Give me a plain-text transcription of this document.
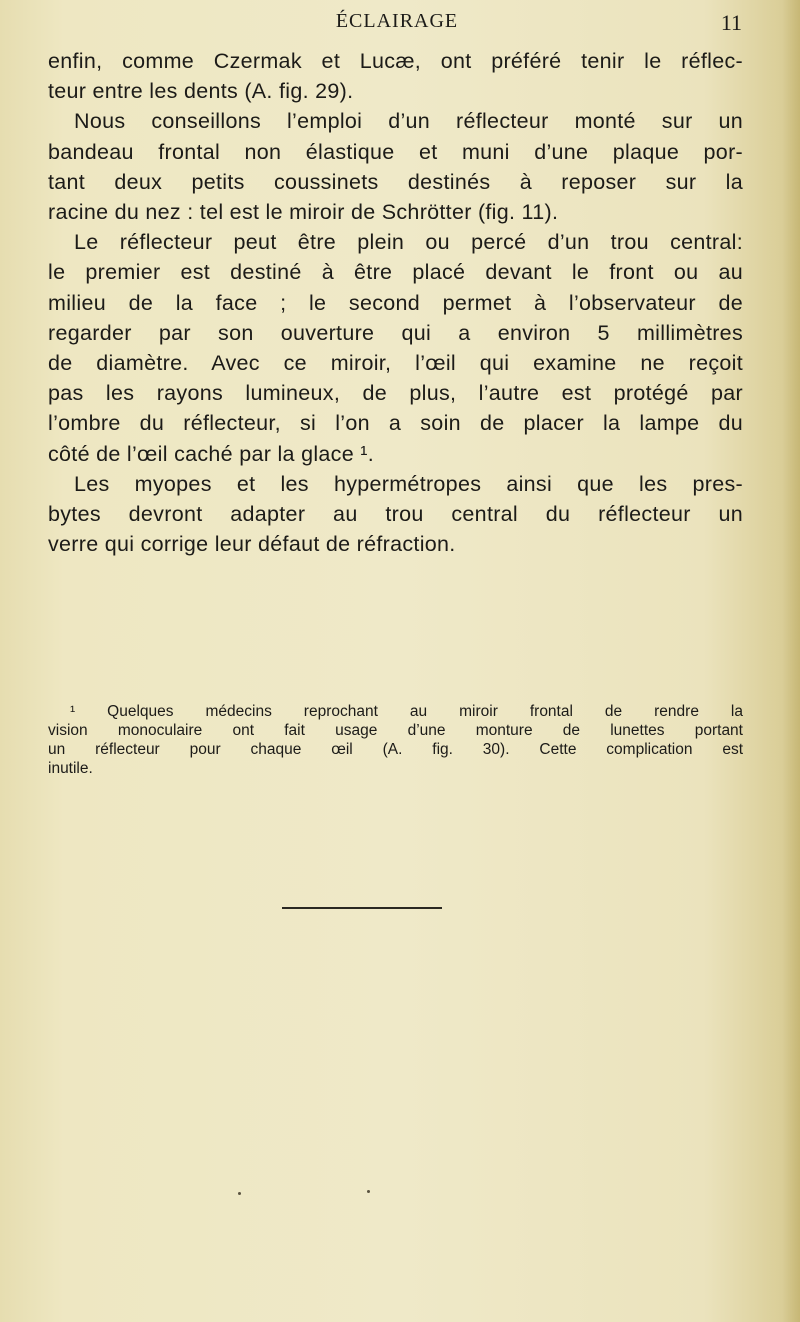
ÉCLAIRAGE	11
enfin, comme Czermak et Lucæ, ont préféré tenir le réflec-
teur entre les dents (A. fig. 29).
Nous conseillons l’emploi d’un réflecteur monté sur un
bandeau frontal non élastique et muni d’une plaque por-
tant deux petits coussinets destinés à reposer sur la
racine du nez : tel est le miroir de Schrötter (fig. 11).
Le réflecteur peut être plein ou percé d’un trou central:
le premier est destiné à être placé devant le front ou au
milieu de la face ; le second permet à l’observateur de
regarder par son ouverture qui a environ 5 millimètres
de diamètre. Avec ce miroir, l’œil qui examine ne reçoit
pas les rayons lumineux, de plus, l’autre est protégé par
l’ombre du réflecteur, si l’on a soin de placer la lampe du
côté de l’œil caché par la glace ¹.
Les myopes et les hypermétropes ainsi que les pres-
bytes devront adapter au trou central du réflecteur un
verre qui corrige leur défaut de réfraction.
¹ Quelques médecins reprochant au miroir frontal de rendre la
vision monoculaire ont fait usage d’une monture de lunettes portant
un réflecteur pour chaque œil (A. fig. 30). Cette complication est
inutile.
